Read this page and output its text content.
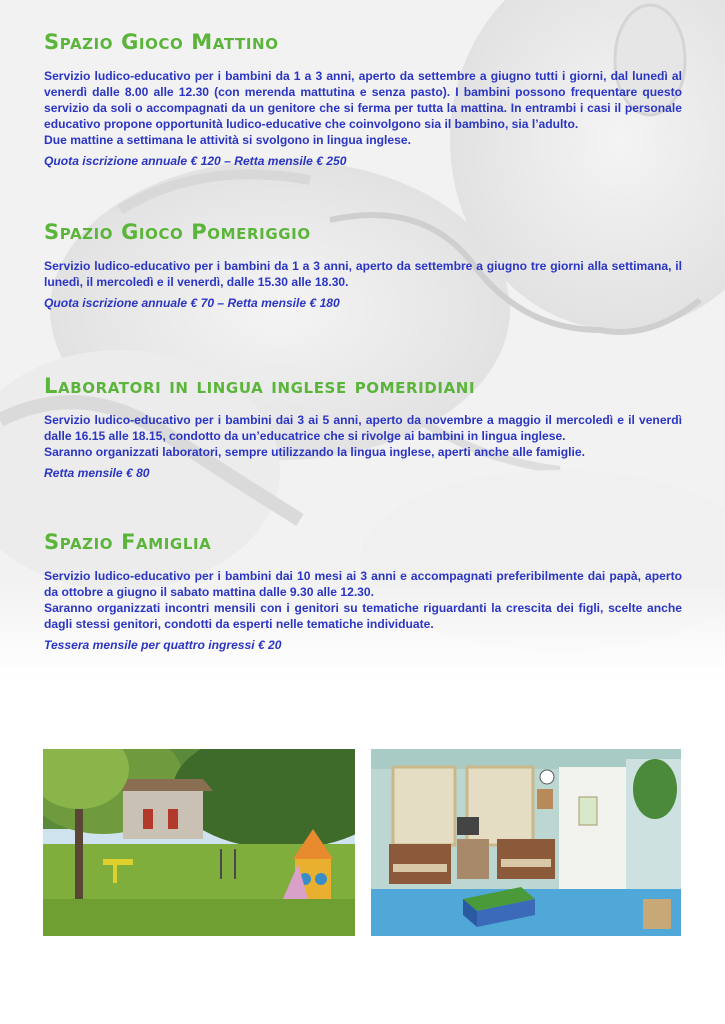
Spazio Gioco Mattino

Servizio ludico-educativo per i bambini da 1 a 3 anni, aperto da settembre a giugno tutti i giorni, dal lunedì al venerdì dalle 8.00 alle 12.30 (con merenda mattutina e senza pasto). I bambini possono frequentare questo servizio da soli o accompagnati da un genitore che si ferma per tutta la mattina. In entrambi i casi il personale educativo propone opportunità ludico-educative che coinvolgono sia il bambino, sia l’adulto.

Due mattine a settimana le attività si svolgono in lingua inglese.

Quota iscrizione annuale € 120 – Retta mensile € 250

Spazio Gioco Pomeriggio

Servizio ludico-educativo per i bambini da 1 a 3 anni, aperto da settembre a giugno tre giorni alla settimana, il lunedì, il mercoledì e il venerdì, dalle 15.30 alle 18.30.

Quota iscrizione annuale € 70 – Retta mensile € 180

Laboratori in lingua inglese pomeridiani

Servizio ludico-educativo per i bambini dai 3 ai 5 anni, aperto da novembre a maggio il mercoledì e il venerdì dalle 16.15 alle 18.15, condotto da un’educatrice che si rivolge ai bambini in lingua inglese.

Saranno organizzati laboratori, sempre utilizzando la lingua inglese, aperti anche alle famiglie.

Retta mensile € 80

Spazio Famiglia

Servizio ludico-educativo per i bambini dai 10 mesi ai 3 anni e accompagnati preferibilmente dai papà, aperto da ottobre a giugno il sabato mattina dalle 9.30 alle 12.30.

Saranno organizzati incontri mensili con i genitori su tematiche riguardanti la crescita dei figli, scelte anche dagli stessi genitori, condotti da esperti nelle tematiche individuate.

Tessera mensile per quattro ingressi € 20
